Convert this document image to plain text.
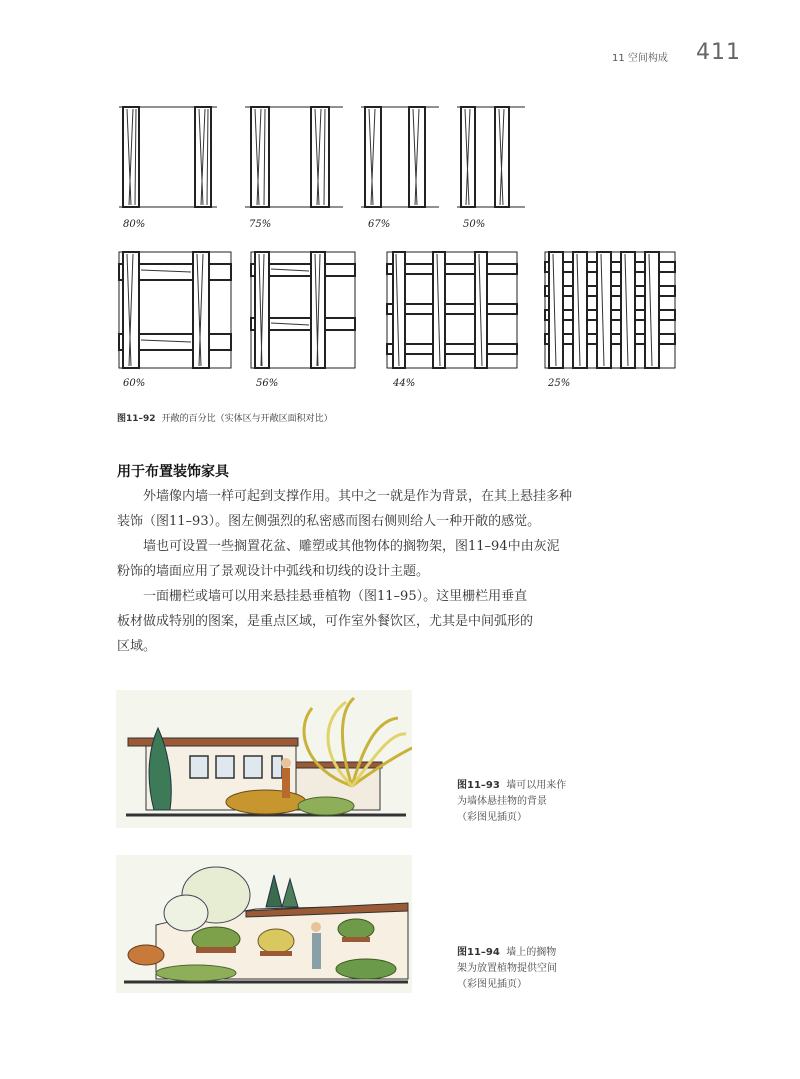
11 空间构成 411
80%	75%	67%	50%
60%	56%	44%	25%
图11–92 开敞的百分比（实体区与开敞区面积对比）
用于布置装饰家具
外墙像内墙一样可起到支撑作用。其中之一就是作为背景，在其上悬挂多种
装饰（图11–93）。图左侧强烈的私密感而图右侧则给人一种开敞的感觉。
墙也可设置一些搁置花盆、雕塑或其他物体的搁物架，图11–94中由灰泥
粉饰的墙面应用了景观设计中弧线和切线的设计主题。
一面栅栏或墙可以用来悬挂悬垂植物（图11–95）。这里栅栏用垂直
板材做成特别的图案，是重点区域，可作室外餐饮区，尤其是中间弧形的
区域。
图11–93 墙可以用来作
为墙体悬挂物的背景
（彩图见插页）
图11–94 墙上的搁物
架为放置植物提供空间
（彩图见插页）
